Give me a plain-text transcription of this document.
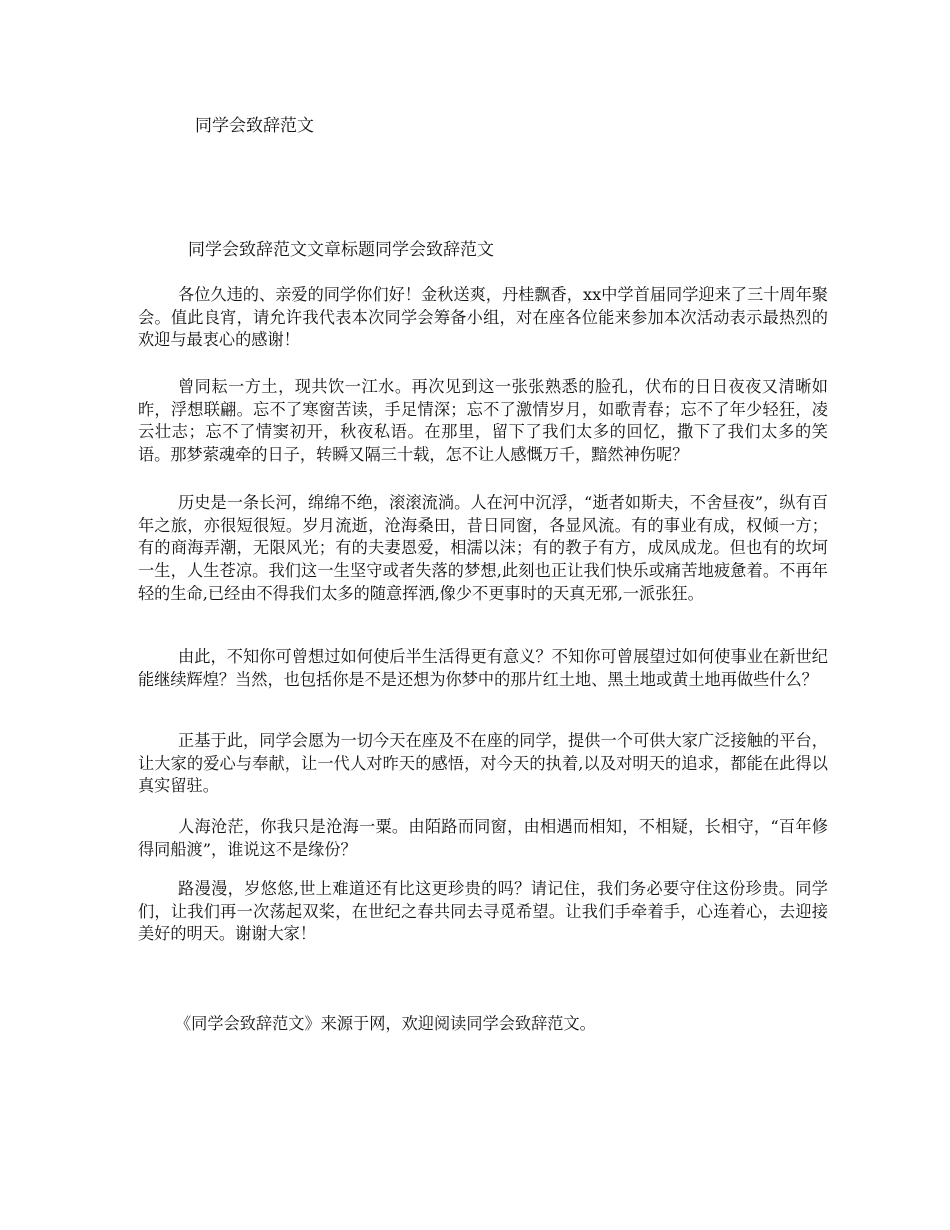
同学会致辞范文
同学会致辞范文文章标题同学会致辞范文

各位久违的、亲爱的同学你们好！金秋送爽，丹桂飘香，xx中学首届同学迎来了三十周年聚会。值此良宵，请允许我代表本次同学会筹备小组，对在座各位能来参加本次活动表示最热烈的欢迎与最衷心的感谢！

曾同耘一方土，现共饮一江水。再次见到这一张张熟悉的脸孔，伏布的日日夜夜又清晰如昨，浮想联翩。忘不了寒窗苦读，手足情深；忘不了激情岁月，如歌青春；忘不了年少轻狂，凌云壮志；忘不了情窦初开，秋夜私语。在那里，留下了我们太多的回忆，撒下了我们太多的笑语。那梦萦魂牵的日子，转瞬又隔三十载，怎不让人感慨万千，黯然神伤呢？

历史是一条长河，绵绵不绝，滚滚流淌。人在河中沉浮，“逝者如斯夫，不舍昼夜”，纵有百年之旅，亦很短很短。岁月流逝，沧海桑田，昔日同窗，各显风流。有的事业有成，权倾一方；有的商海弄潮，无限风光；有的夫妻恩爱，相濡以沫；有的教子有方，成凤成龙。但也有的坎坷一生，人生苍凉。我们这一生坚守或者失落的梦想,此刻也正让我们快乐或痛苦地疲惫着。不再年轻的生命,已经由不得我们太多的随意挥洒,像少不更事时的天真无邪,一派张狂。

由此，不知你可曾想过如何使后半生活得更有意义？不知你可曾展望过如何使事业在新世纪能继续辉煌？当然，也包括你是不是还想为你梦中的那片红土地、黑土地或黄土地再做些什么？

正基于此，同学会愿为一切今天在座及不在座的同学，提供一个可供大家广泛接触的平台，让大家的爱心与奉献，让一代人对昨天的感悟，对今天的执着,以及对明天的追求，都能在此得以真实留驻。

人海沧茫，你我只是沧海一粟。由陌路而同窗，由相遇而相知，不相疑，长相守，“百年修得同船渡”，谁说这不是缘份？

路漫漫，岁悠悠,世上难道还有比这更珍贵的吗？请记住，我们务必要守住这份珍贵。同学们，让我们再一次荡起双桨，在世纪之春共同去寻觅希望。让我们手牵着手，心连着心，去迎接美好的明天。谢谢大家！

《同学会致辞范文》来源于网，欢迎阅读同学会致辞范文。
